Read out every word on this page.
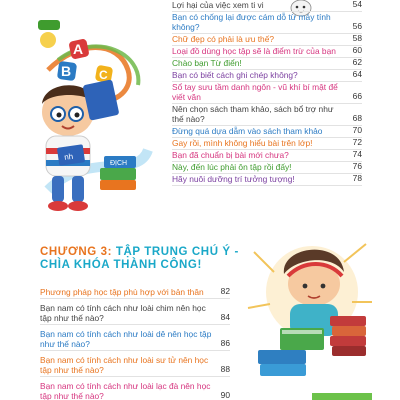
A
B C
nh
ĐỊCH
Lợi hại của việc xem ti vi	54
Bạn có chống lại được cám dỗ từ máy tính không?	56
Chữ đẹp có phải là ưu thế?	58
Loại đồ dùng học tập sẽ là điểm trừ của bạn	60
Chào bạn Từ điển!	62
Bạn có biết cách ghi chép không?	64
Sổ tay sưu tầm danh ngôn - vũ khí bí mật để viết văn	66
Nên chọn sách tham khảo, sách bổ trợ như thế nào?	68
Đừng quá dựa dẫm vào sách tham khảo	70
Gay rồi, mình không hiểu bài trên lớp!	72
Bạn đã chuẩn bị bài mới chưa?	74
Này, đến lúc phải ôn tập rồi đấy!	76
Hãy nuôi dưỡng trí tưởng tượng!	78
CHƯƠNG 3: TẬP TRUNG CHÚ Ý -
CHÌA KHÓA THÀNH CÔNG!
Phương pháp học tập phù hợp với bản thân	82
Bạn nam có tính cách như loài chim nên học tập như thế nào?	84
Bạn nam có tính cách như loài dê nên học tập như thế nào?	86
Bạn nam có tính cách như loài sư tử nên học tập như thế nào?	88
Bạn nam có tính cách như loài lạc đà nên học tập như thế nào?	90
